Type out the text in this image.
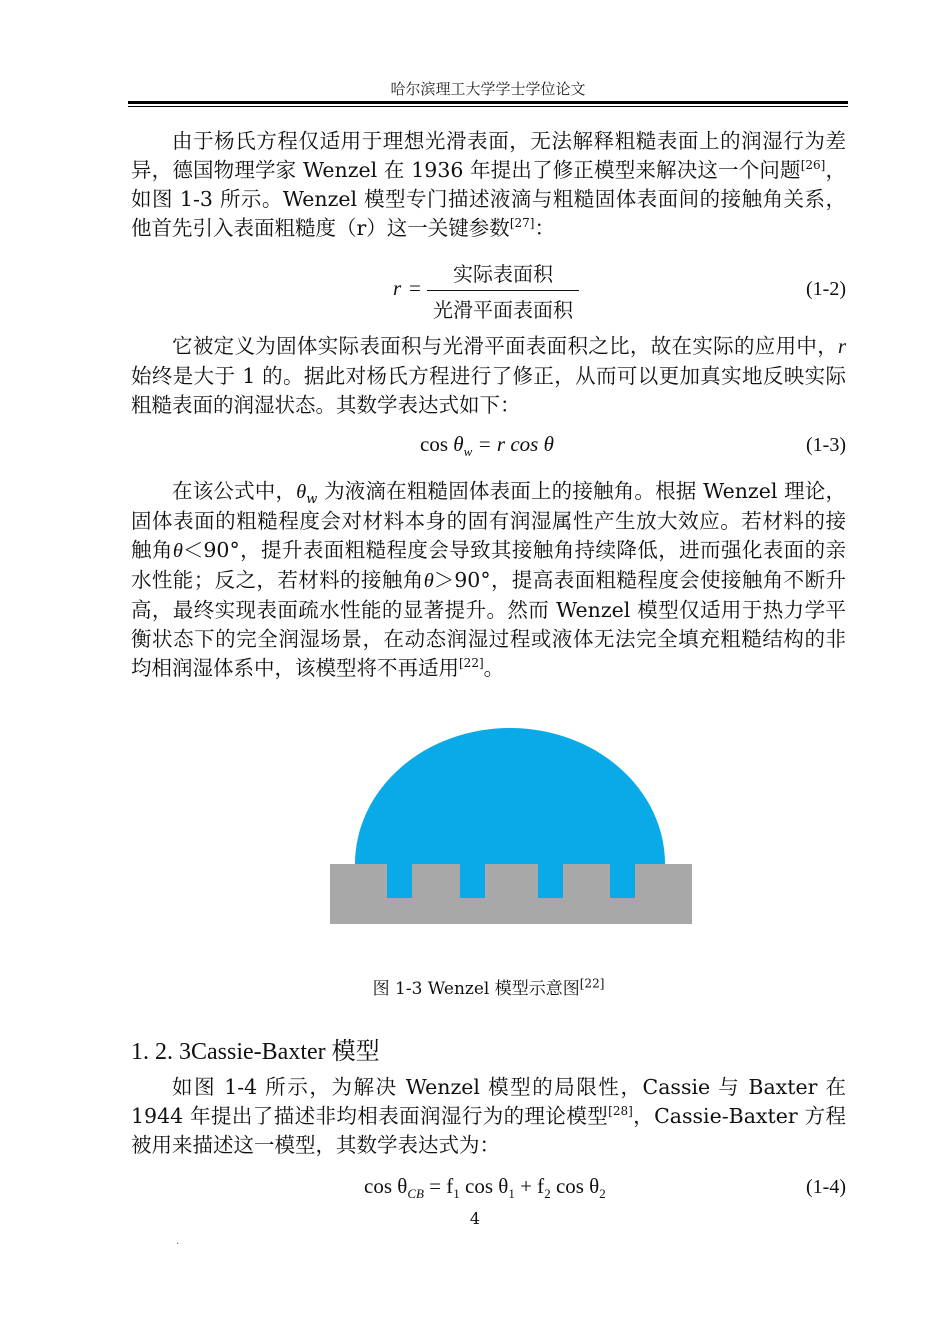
哈尔滨理工大学学士学位论文
由于杨氏方程仅适用于理想光滑表面，无法解释粗糙表面上的润湿行为差异，德国物理学家 Wenzel 在 1936 年提出了修正模型来解决这一个问题[26]，如图 1-3 所示。Wenzel 模型专门描述液滴与粗糙固体表面间的接触角关系，他首先引入表面粗糙度（r）这一关键参数[27]：
r =
实际表面积
光滑平面表面积
(1-2)
它被定义为固体实际表面积与光滑平面表面积之比，故在实际的应用中，r 始终是大于 1 的。据此对杨氏方程进行了修正，从而可以更加真实地反映实际粗糙表面的润湿状态。其数学表达式如下：
$\cos \theta_w = r$ cos θ	(1-3)
在该公式中，$\theta_w$ 为液滴在粗糙固体表面上的接触角。根据 Wenzel 理论，固体表面的粗糙程度会对材料本身的固有润湿属性产生放大效应。若材料的接触角θ＜90°，提升表面粗糙程度会导致其接触角持续降低，进而强化表面的亲水性能；反之，若材料的接触角θ＞90°，提高表面粗糙程度会使接触角不断升高，最终实现表面疏水性能的显著提升。然而 Wenzel 模型仅适用于热力学平衡状态下的完全润湿场景，在动态润湿过程或液体无法完全填充粗糙结构的非均相润湿体系中，该模型将不再适用[22]。
图 1-3 Wenzel 模型示意图[22]
1. 2. 3Cassie-Baxter 模型
如图 1-4 所示，为解决 Wenzel 模型的局限性，Cassie 与 Baxter 在 1944 年提出了描述非均相表面润湿行为的理论模型[28]，Cassie-Baxter 方程被用来描述这一模型，其数学表达式为：
$\cos \theta_{CB} = f_1$ $\cos \theta_1 + f_2$ $\cos \theta_2$	(1-4)
4
.
